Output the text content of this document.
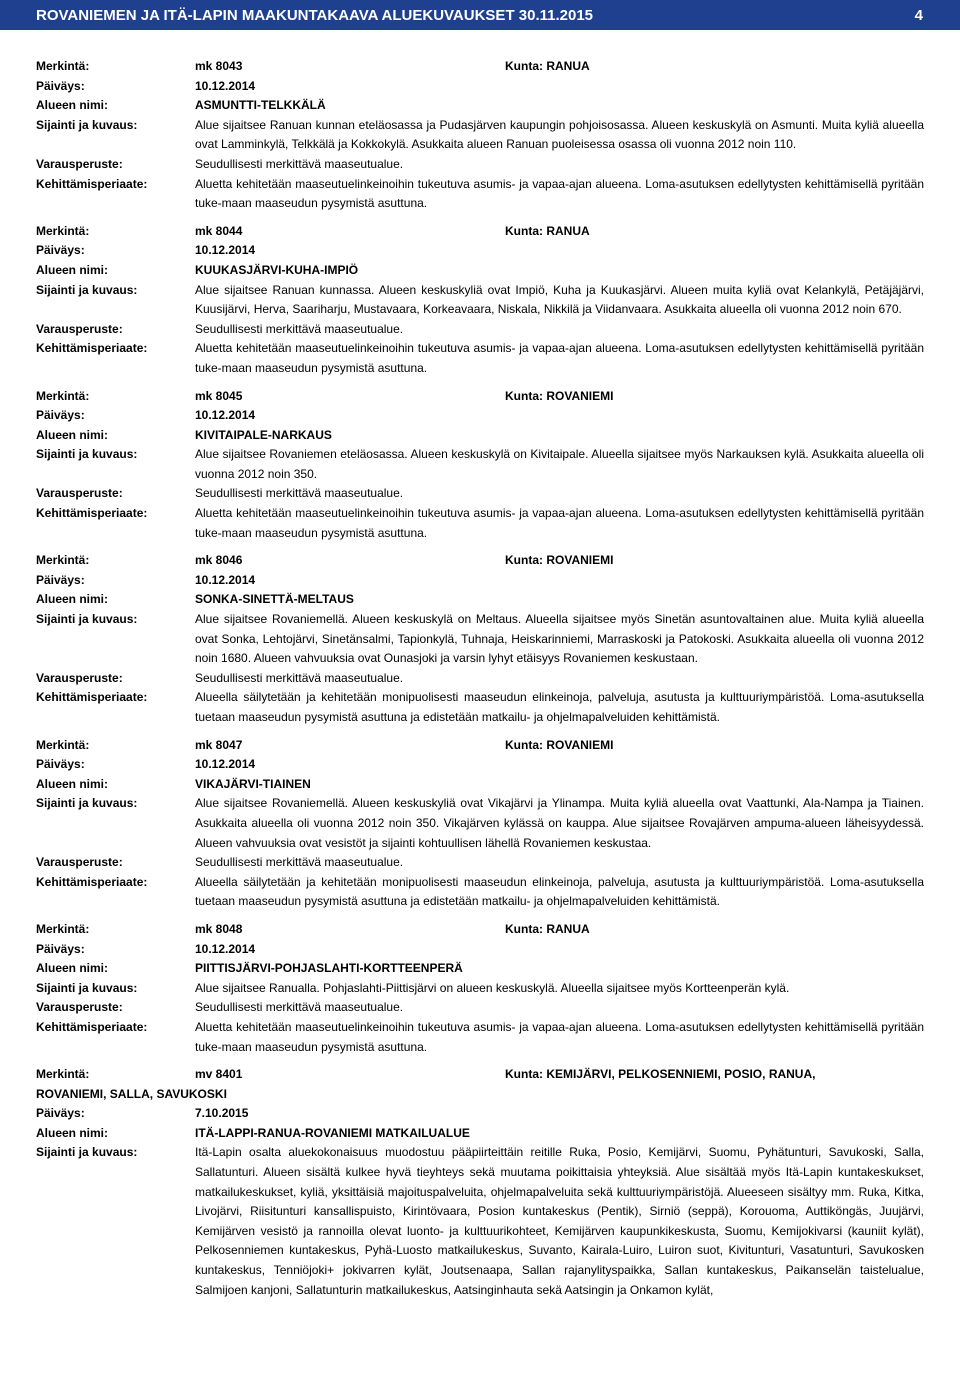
ROVANIEMEN JA ITÄ-LAPIN MAAKUNTAKAAVA ALUEKUVAUKSET 30.11.2015	4
Merkintä:	mk 8043	Kunta: RANUA
Päiväys:	10.12.2014
Alueen nimi:	ASMUNTTI-TELKKÄLÄ
Sijainti ja kuvaus:	Alue sijaitsee Ranuan kunnan eteläosassa ja Pudasjärven kaupungin pohjoisosassa. Alueen keskuskylä on Asmunti. Muita kyliä alueella ovat Lamminkylä, Telkkälä ja Kokkokylä. Asukkaita alueen Ranuan puoleisessa osassa oli vuonna 2012 noin 110.
Varausperuste:	Seudullisesti merkittävä maaseutualue.
Kehittämisperiaate:	Aluetta kehitetään maaseutuelinkeinoihin tukeutuva asumis- ja vapaa-ajan alueena. Loma-asutuksen edellytysten kehittämisellä pyritään tuke-maan maaseudun pysymistä asuttuna.
Merkintä:	mk 8044	Kunta: RANUA
Päiväys:	10.12.2014
Alueen nimi:	KUUKASJÄRVI-KUHA-IMPIÖ
Sijainti ja kuvaus:	Alue sijaitsee Ranuan kunnassa. Alueen keskuskyliä ovat Impiö, Kuha ja Kuukasjärvi. Alueen muita kyliä ovat Kelankylä, Petäjäjärvi, Kuusijärvi, Herva, Saariharju, Mustavaara, Korkeavaara, Niskala, Nikkilä ja Viidanvaara. Asukkaita alueella oli vuonna 2012 noin 670.
Varausperuste:	Seudullisesti merkittävä maaseutualue.
Kehittämisperiaate:	Aluetta kehitetään maaseutuelinkeinoihin tukeutuva asumis- ja vapaa-ajan alueena. Loma-asutuksen edellytysten kehittämisellä pyritään tuke-maan maaseudun pysymistä asuttuna.
Merkintä:	mk 8045	Kunta: ROVANIEMI
Päiväys:	10.12.2014
Alueen nimi:	KIVITAIPALE-NARKAUS
Sijainti ja kuvaus:	Alue sijaitsee Rovaniemen eteläosassa. Alueen keskuskylä on Kivitaipale. Alueella sijaitsee myös Narkauksen kylä. Asukkaita alueella oli vuonna 2012 noin 350.
Varausperuste:	Seudullisesti merkittävä maaseutualue.
Kehittämisperiaate:	Aluetta kehitetään maaseutuelinkeinoihin tukeutuva asumis- ja vapaa-ajan alueena. Loma-asutuksen edellytysten kehittämisellä pyritään tuke-maan maaseudun pysymistä asuttuna.
Merkintä:	mk 8046	Kunta: ROVANIEMI
Päiväys:	10.12.2014
Alueen nimi:	SONKA-SINETTÄ-MELTAUS
Sijainti ja kuvaus:	Alue sijaitsee Rovaniemellä. Alueen keskuskylä on Meltaus. Alueella sijaitsee myös Sinetän asuntovaltainen alue. Muita kyliä alueella ovat Sonka, Lehtojärvi, Sinetänsalmi, Tapionkylä, Tuhnaja, Heiskarinniemi, Marraskoski ja Patokoski. Asukkaita alueella oli vuonna 2012 noin 1680. Alueen vahvuuksia ovat Ounasjoki ja varsin lyhyt etäisyys Rovaniemen keskustaan.
Varausperuste:	Seudullisesti merkittävä maaseutualue.
Kehittämisperiaate:	Alueella säilytetään ja kehitetään monipuolisesti maaseudun elinkeinoja, palveluja, asutusta ja kulttuuriympäristöä. Loma-asutuksella tuetaan maaseudun pysymistä asuttuna ja edistetään matkailu- ja ohjelmapalveluiden kehittämistä.
Merkintä:	mk 8047	Kunta: ROVANIEMI
Päiväys:	10.12.2014
Alueen nimi:	VIKAJÄRVI-TIAINEN
Sijainti ja kuvaus:	Alue sijaitsee Rovaniemellä. Alueen keskuskyliä ovat Vikajärvi ja Ylinampa. Muita kyliä alueella ovat Vaattunki, Ala-Nampa ja Tiainen. Asukkaita alueella oli vuonna 2012 noin 350. Vikajärven kylässä on kauppa. Alue sijaitsee Rovajärven ampuma-alueen läheisyydessä. Alueen vahvuuksia ovat vesistöt ja sijainti kohtuullisen lähellä Rovaniemen keskustaa.
Varausperuste:	Seudullisesti merkittävä maaseutualue.
Kehittämisperiaate:	Alueella säilytetään ja kehitetään monipuolisesti maaseudun elinkeinoja, palveluja, asutusta ja kulttuuriympäristöä. Loma-asutuksella tuetaan maaseudun pysymistä asuttuna ja edistetään matkailu- ja ohjelmapalveluiden kehittämistä.
Merkintä:	mk 8048	Kunta: RANUA
Päiväys:	10.12.2014
Alueen nimi:	PIITTISJÄRVI-POHJASLAHTI-KORTTEENPERÄ
Sijainti ja kuvaus:	Alue sijaitsee Ranualla. Pohjaslahti-Piittisjärvi on alueen keskuskylä. Alueella sijaitsee myös Kortteenperän kylä.
Varausperuste:	Seudullisesti merkittävä maaseutualue.
Kehittämisperiaate:	Aluetta kehitetään maaseutuelinkeinoihin tukeutuva asumis- ja vapaa-ajan alueena. Loma-asutuksen edellytysten kehittämisellä pyritään tuke-maan maaseudun pysymistä asuttuna.
Merkintä:	mv 8401	Kunta: KEMIJÄRVI, PELKOSENNIEMI, POSIO, RANUA,
ROVANIEMI, SALLA, SAVUKOSKI
Päiväys:	7.10.2015
Alueen nimi:	ITÄ-LAPPI-RANUA-ROVANIEMI MATKAILUALUE
Sijainti ja kuvaus:	Itä-Lapin osalta aluekokonaisuus muodostuu pääpiirteittäin reitille Ruka, Posio, Kemijärvi, Suomu, Pyhätunturi, Savukoski, Salla, Sallatunturi. Alueen sisältä kulkee hyvä tieyhteys sekä muutama poikittaisia yhteyksiä. Alue sisältää myös Itä-Lapin kuntakeskukset, matkailukeskukset, kyliä, yksittäisiä majoituspalveluita, ohjelmapalveluita sekä kulttuuriympäristöjä. Alueeseen sisältyy mm. Ruka, Kitka, Livojärvi, Riisitunturi kansallispuisto, Kirintövaara, Posion kuntakeskus (Pentik), Sirniö (seppä), Korouoma, Auttiköngäs, Juujärvi, Kemijärven vesistö ja rannoilla olevat luonto- ja kulttuurikohteet, Kemijärven kaupunkikeskusta, Suomu, Kemijokivarsi (kauniit kylät), Pelkosenniemen kuntakeskus, Pyhä-Luosto matkailukeskus, Suvanto, Kairala-Luiro, Luiron suot, Kivitunturi, Vasatunturi, Savukosken kuntakeskus, Tenniöjoki+ jokivarren kylät, Joutsenaapa, Sallan rajanylityspaikka, Sallan kuntakeskus, Paikanselän taistelualue, Salmijoen kanjoni, Sallatunturin matkailukeskus, Aatsinginhauta sekä Aatsingin ja Onkamon kylät,
